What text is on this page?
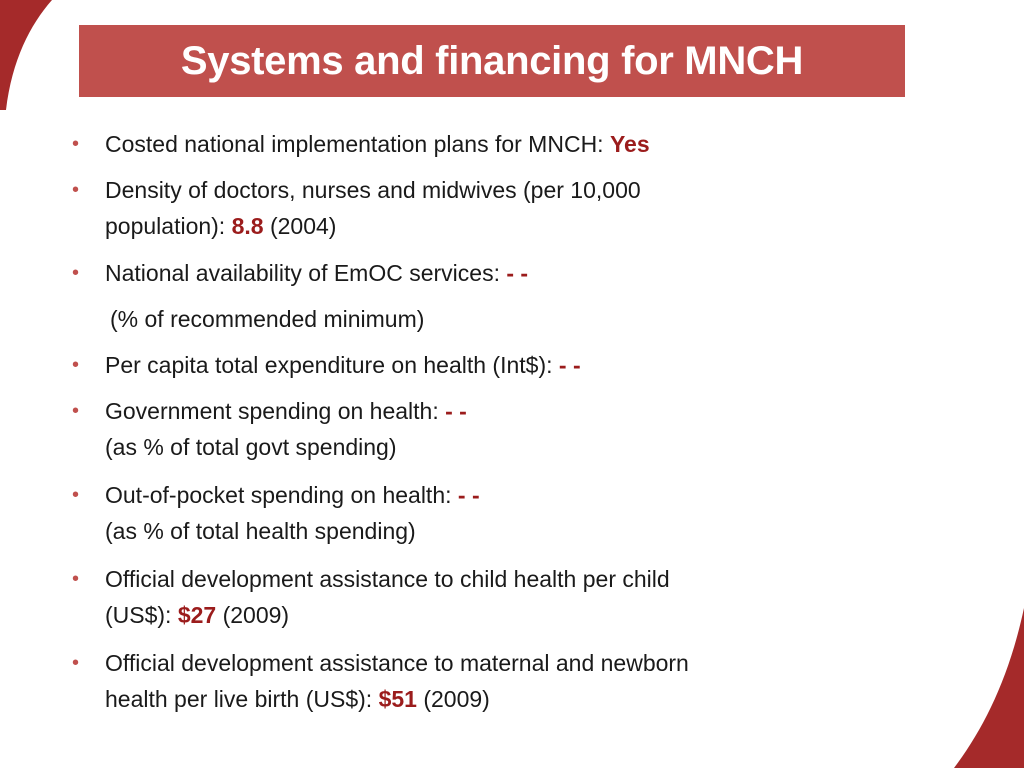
Systems and financing for MNCH
• Costed national implementation plans for MNCH: Yes
• Density of doctors, nurses and midwives (per 10,000
population): 8.8 (2004)
• National availability of EmOC services: - -
(% of recommended minimum)
• Per capita total expenditure on health (Int$): - -
• Government spending on health: - -
(as % of total govt spending)
• Out-of-pocket spending on health: - -
(as % of total health spending)
• Official development assistance to child health per child
(US$): $27 (2009)
• Official development assistance to maternal and newborn
health per live birth (US$): $51 (2009)
